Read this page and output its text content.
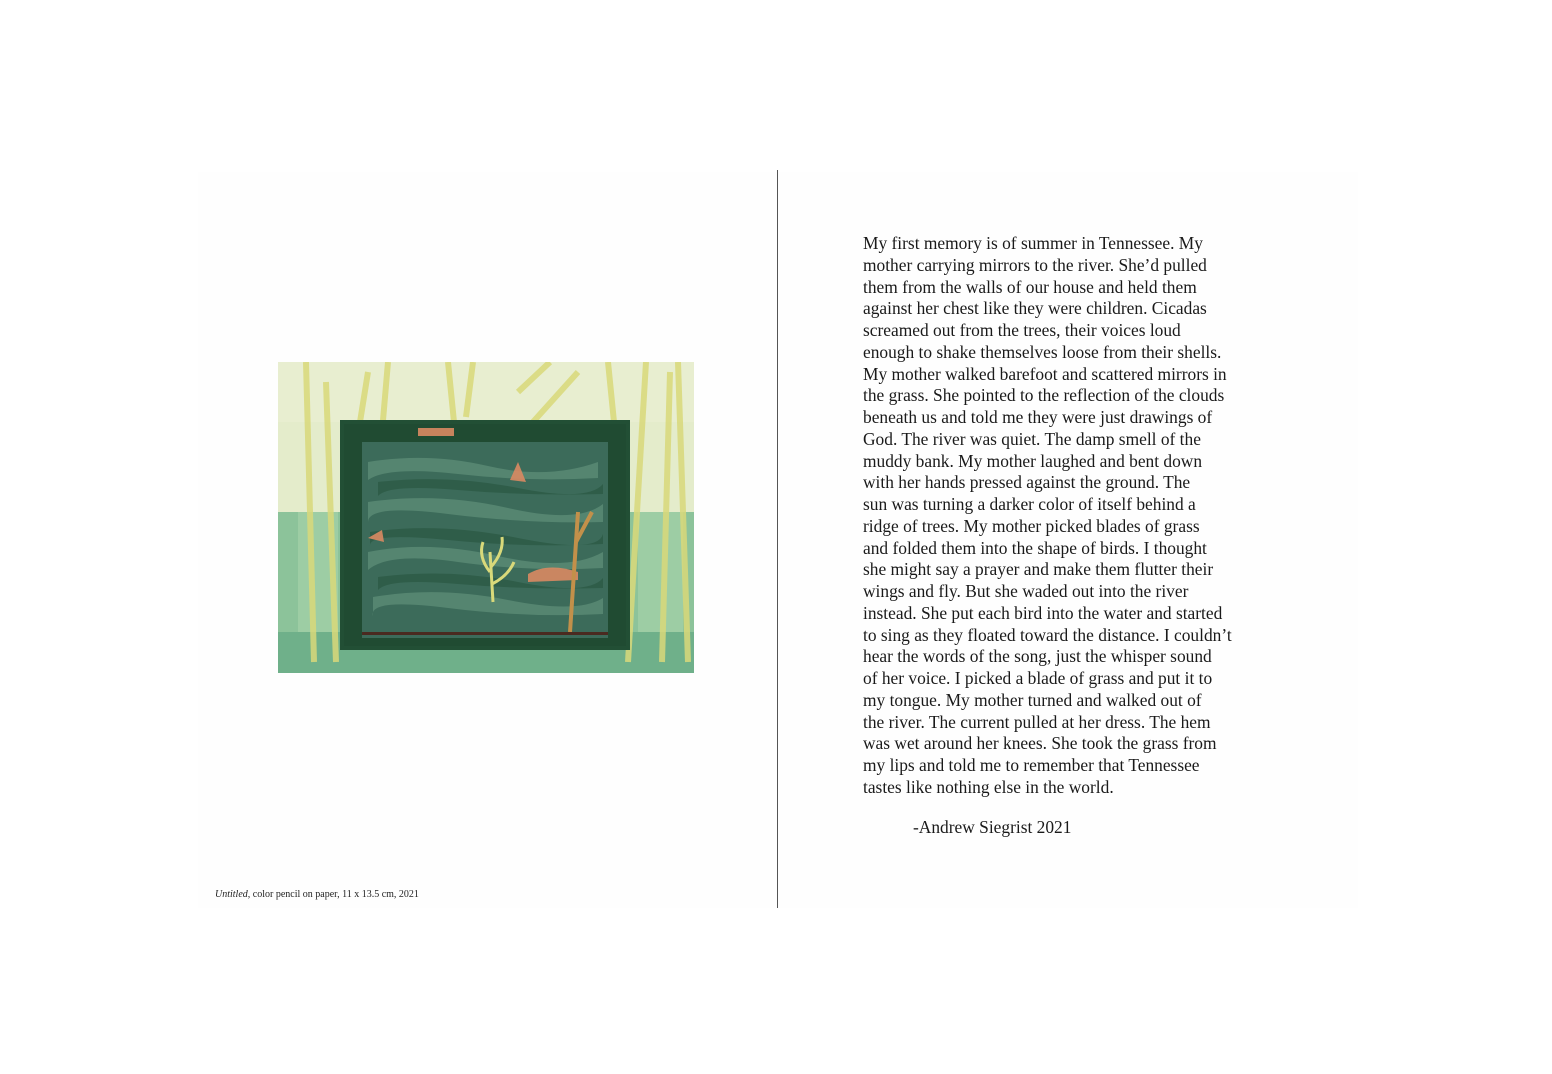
Untitled, color pencil on paper, 11 x 13.5 cm, 2021
My first memory is of summer in Tennessee. My
mother carrying mirrors to the river. She’d pulled
them from the walls of our house and held them
against her chest like they were children. Cicadas
screamed out from the trees, their voices loud
enough to shake themselves loose from their shells.
My mother walked barefoot and scattered mirrors in
the grass. She pointed to the reflection of the clouds
beneath us and told me they were just drawings of
God. The river was quiet. The damp smell of the
muddy bank. My mother laughed and bent down
with her hands pressed against the ground. The
sun was turning a darker color of itself behind a
ridge of trees. My mother picked blades of grass
and folded them into the shape of birds. I thought
she might say a prayer and make them flutter their
wings and fly. But she waded out into the river
instead. She put each bird into the water and started
to sing as they floated toward the distance. I couldn’t
hear the words of the song, just the whisper sound
of her voice. I picked a blade of grass and put it to
my tongue. My mother turned and walked out of
the river. The current pulled at her dress. The hem
was wet around her knees. She took the grass from
my lips and told me to remember that Tennessee
tastes like nothing else in the world.
-Andrew Siegrist 2021
